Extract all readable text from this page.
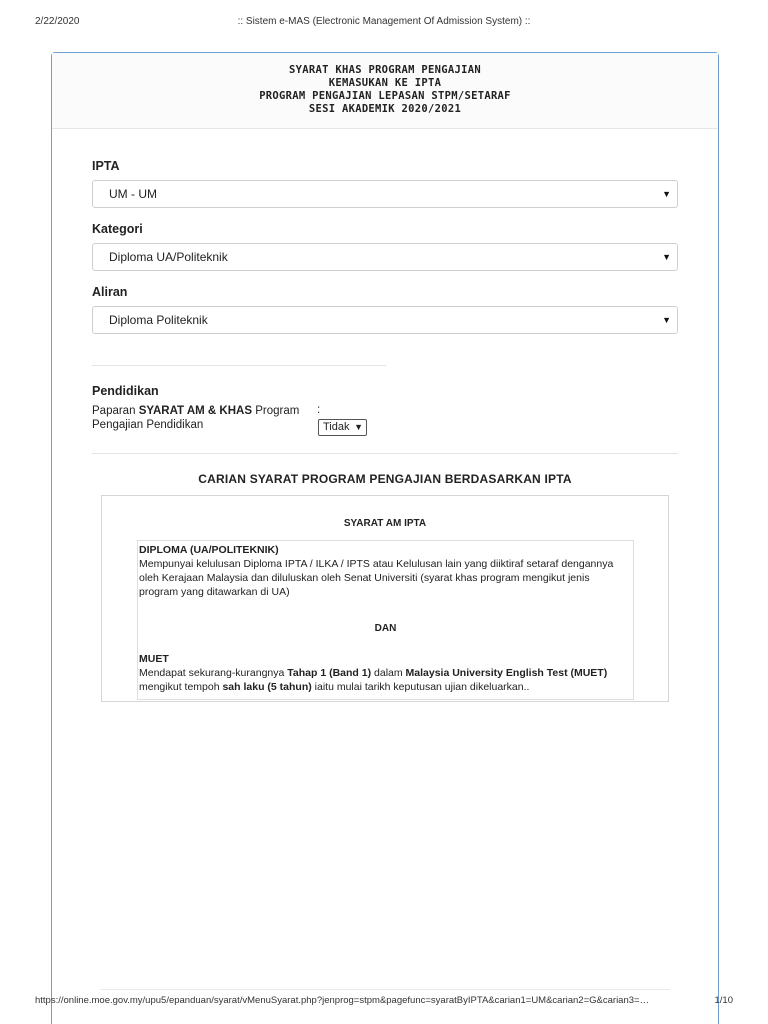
2/22/2020	:: Sistem e-MAS (Electronic Management Of Admission System) ::
SYARAT KHAS PROGRAM PENGAJIAN
KEMASUKAN KE IPTA
PROGRAM PENGAJIAN LEPASAN STPM/SETARAF
SESI AKADEMIK 2020/2021
IPTA
UM - UM	▼
Kategori
Diploma UA/Politeknik	▼
Aliran
Diploma Politeknik	▼
Pendidikan
Paparan SYARAT AM & KHAS Program Pengajian Pendidikan
:
Tidak ▼
CARIAN SYARAT PROGRAM PENGAJIAN BERDASARKAN IPTA
SYARAT AM IPTA
DIPLOMA (UA/POLITEKNIK)
Mempunyai kelulusan Diploma IPTA / ILKA / IPTS atau Kelulusan lain yang diiktiraf setaraf dengannya
oleh Kerajaan Malaysia dan diluluskan oleh Senat Universiti (syarat khas program mengikut jenis
program yang ditawarkan di UA)
DAN
MUET
Mendapat sekurang-kurangnya Tahap 1 (Band 1) dalam Malaysia University English Test (MUET)
mengikut tempoh sah laku (5 tahun) iaitu mulai tarikh keputusan ujian dikeluarkan..
https://online.moe.gov.my/upu5/epanduan/syarat/vMenuSyarat.php?jenprog=stpm&pagefunc=syaratByIPTA&carian1=UM&carian2=G&carian3=…	1/10
